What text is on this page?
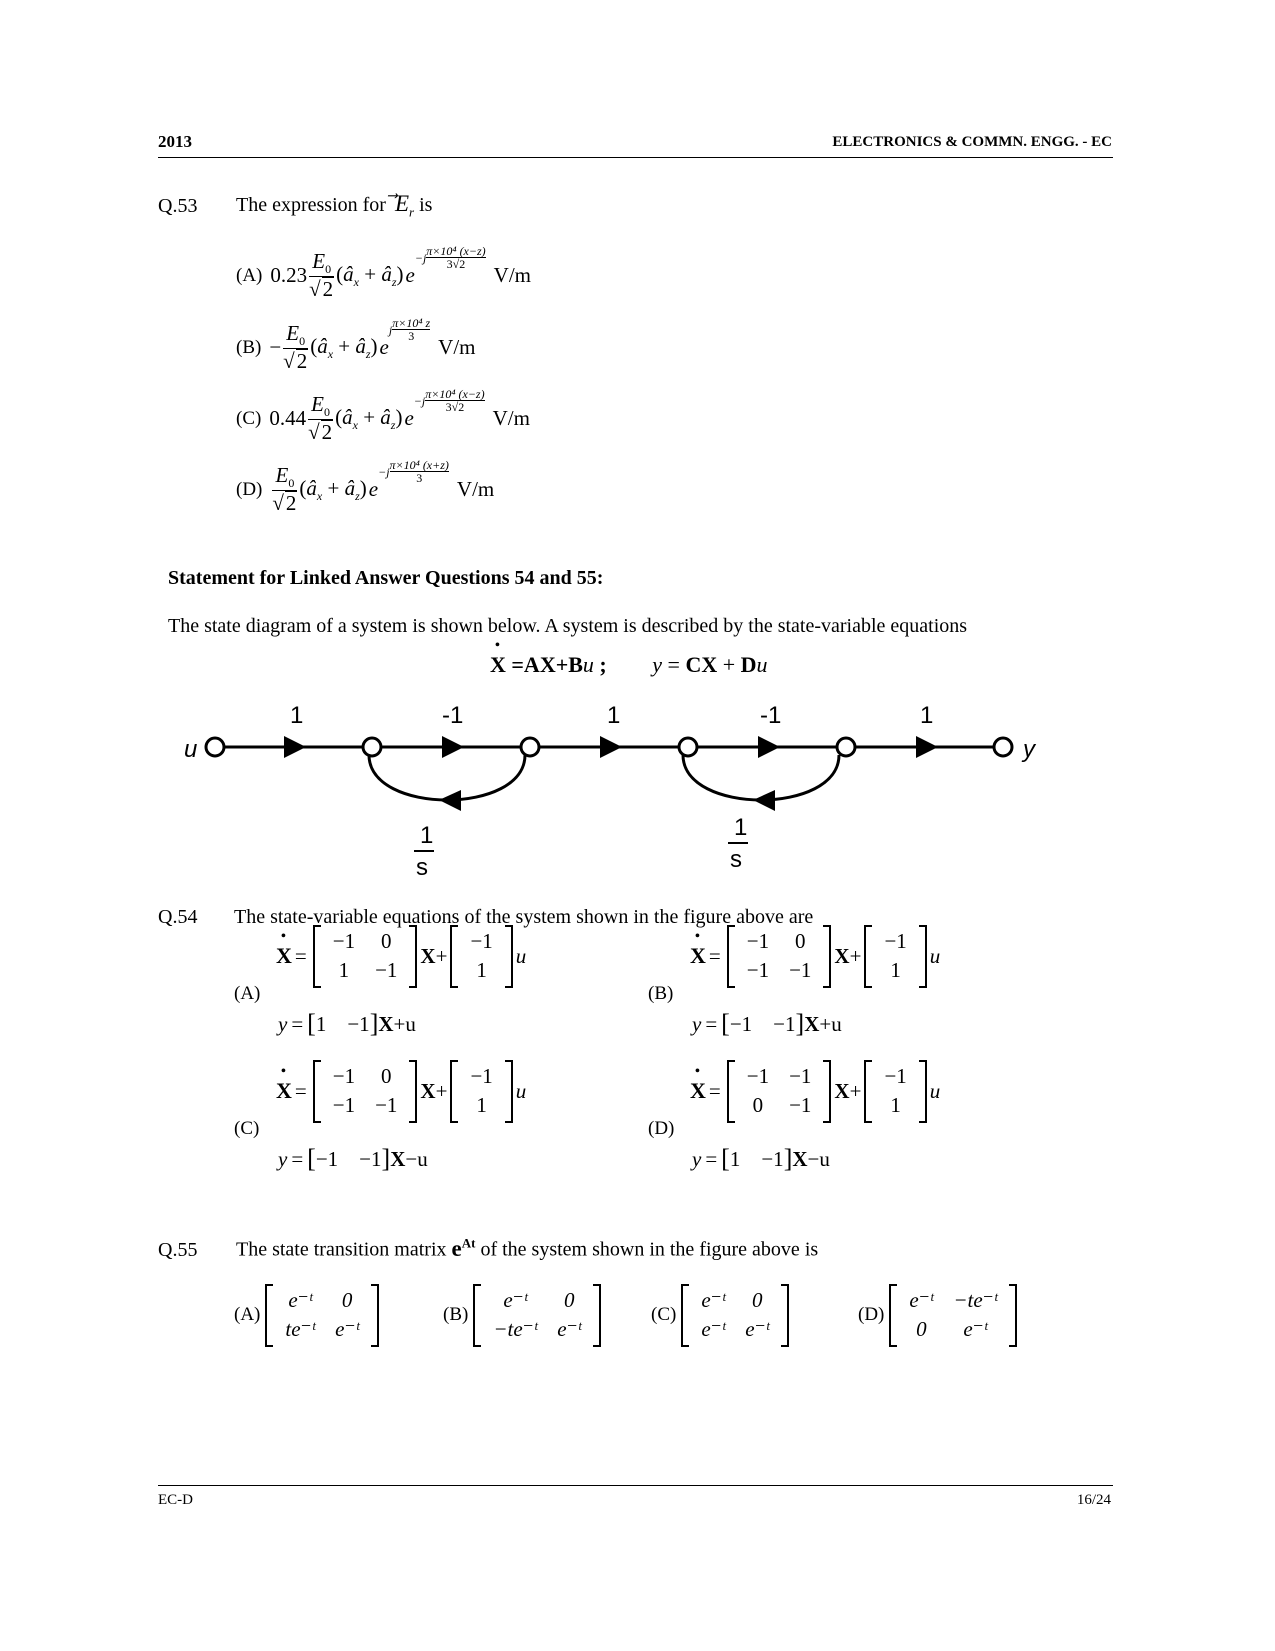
2013	ELECTRONICS & COMMN. ENGG. - EC
Q.53 The expression for $E_r$ is
(A) $0.23 \frac{E_0}{√2}$ ($â_x$ + $â_z$) e
−j π×10⁴ (x−z)
3√2	V/m
$(B) - \frac{E_0}{√2}$ ($â_x$ + $â_z$) e
j π×10⁴ z
3	V/m
(C) $0.44 \frac{E_0}{√2}$ ($â_x$ + $â_z$) e
−j π×10⁴ (x−z)
3√2	V/m
$(D) \frac{E_0}{√2}$ ($â_x$ + $â_z$) e
−j π×10⁴ (x+z)
3	V/m
Statement for Linked Answer Questions 54 and 55:
The state diagram of a system is shown below. A system is described by the state-variable equations
• X =AX+Bu ; y = CX + Du
u	y
1	-1	1	-1	1
1
s
1
s
Q.54 The state-variable equations of the system shown in the figure above are
(A)
• X =
−1	0
1	−1
X +
−1
1
u
y = [ 1    −1 ] X +u
(B)
• X =
−1	0
−1	−1
X +
−1
1
u
y = [ −1    −1 ] X +u
(C)
• X =
−1	0
−1	−1
X +
−1
1
u
y = [ −1    −1 ] X −u
(D)
• X =
−1	−1
0	−1
X +
−1
1
u
y = [ 1    −1 ] X −u
Q.55 The state transition matrix $e^{At}$ of the system shown in the figure above is
(A)
e⁻ᵗ	0
te⁻ᵗ	e⁻ᵗ
(B)
e⁻ᵗ	0
−te⁻ᵗ	e⁻ᵗ
(C)
e⁻ᵗ	0
e⁻ᵗ	e⁻ᵗ
(D)
e⁻ᵗ	−te⁻ᵗ
0	e⁻ᵗ
EC-D	16/24
